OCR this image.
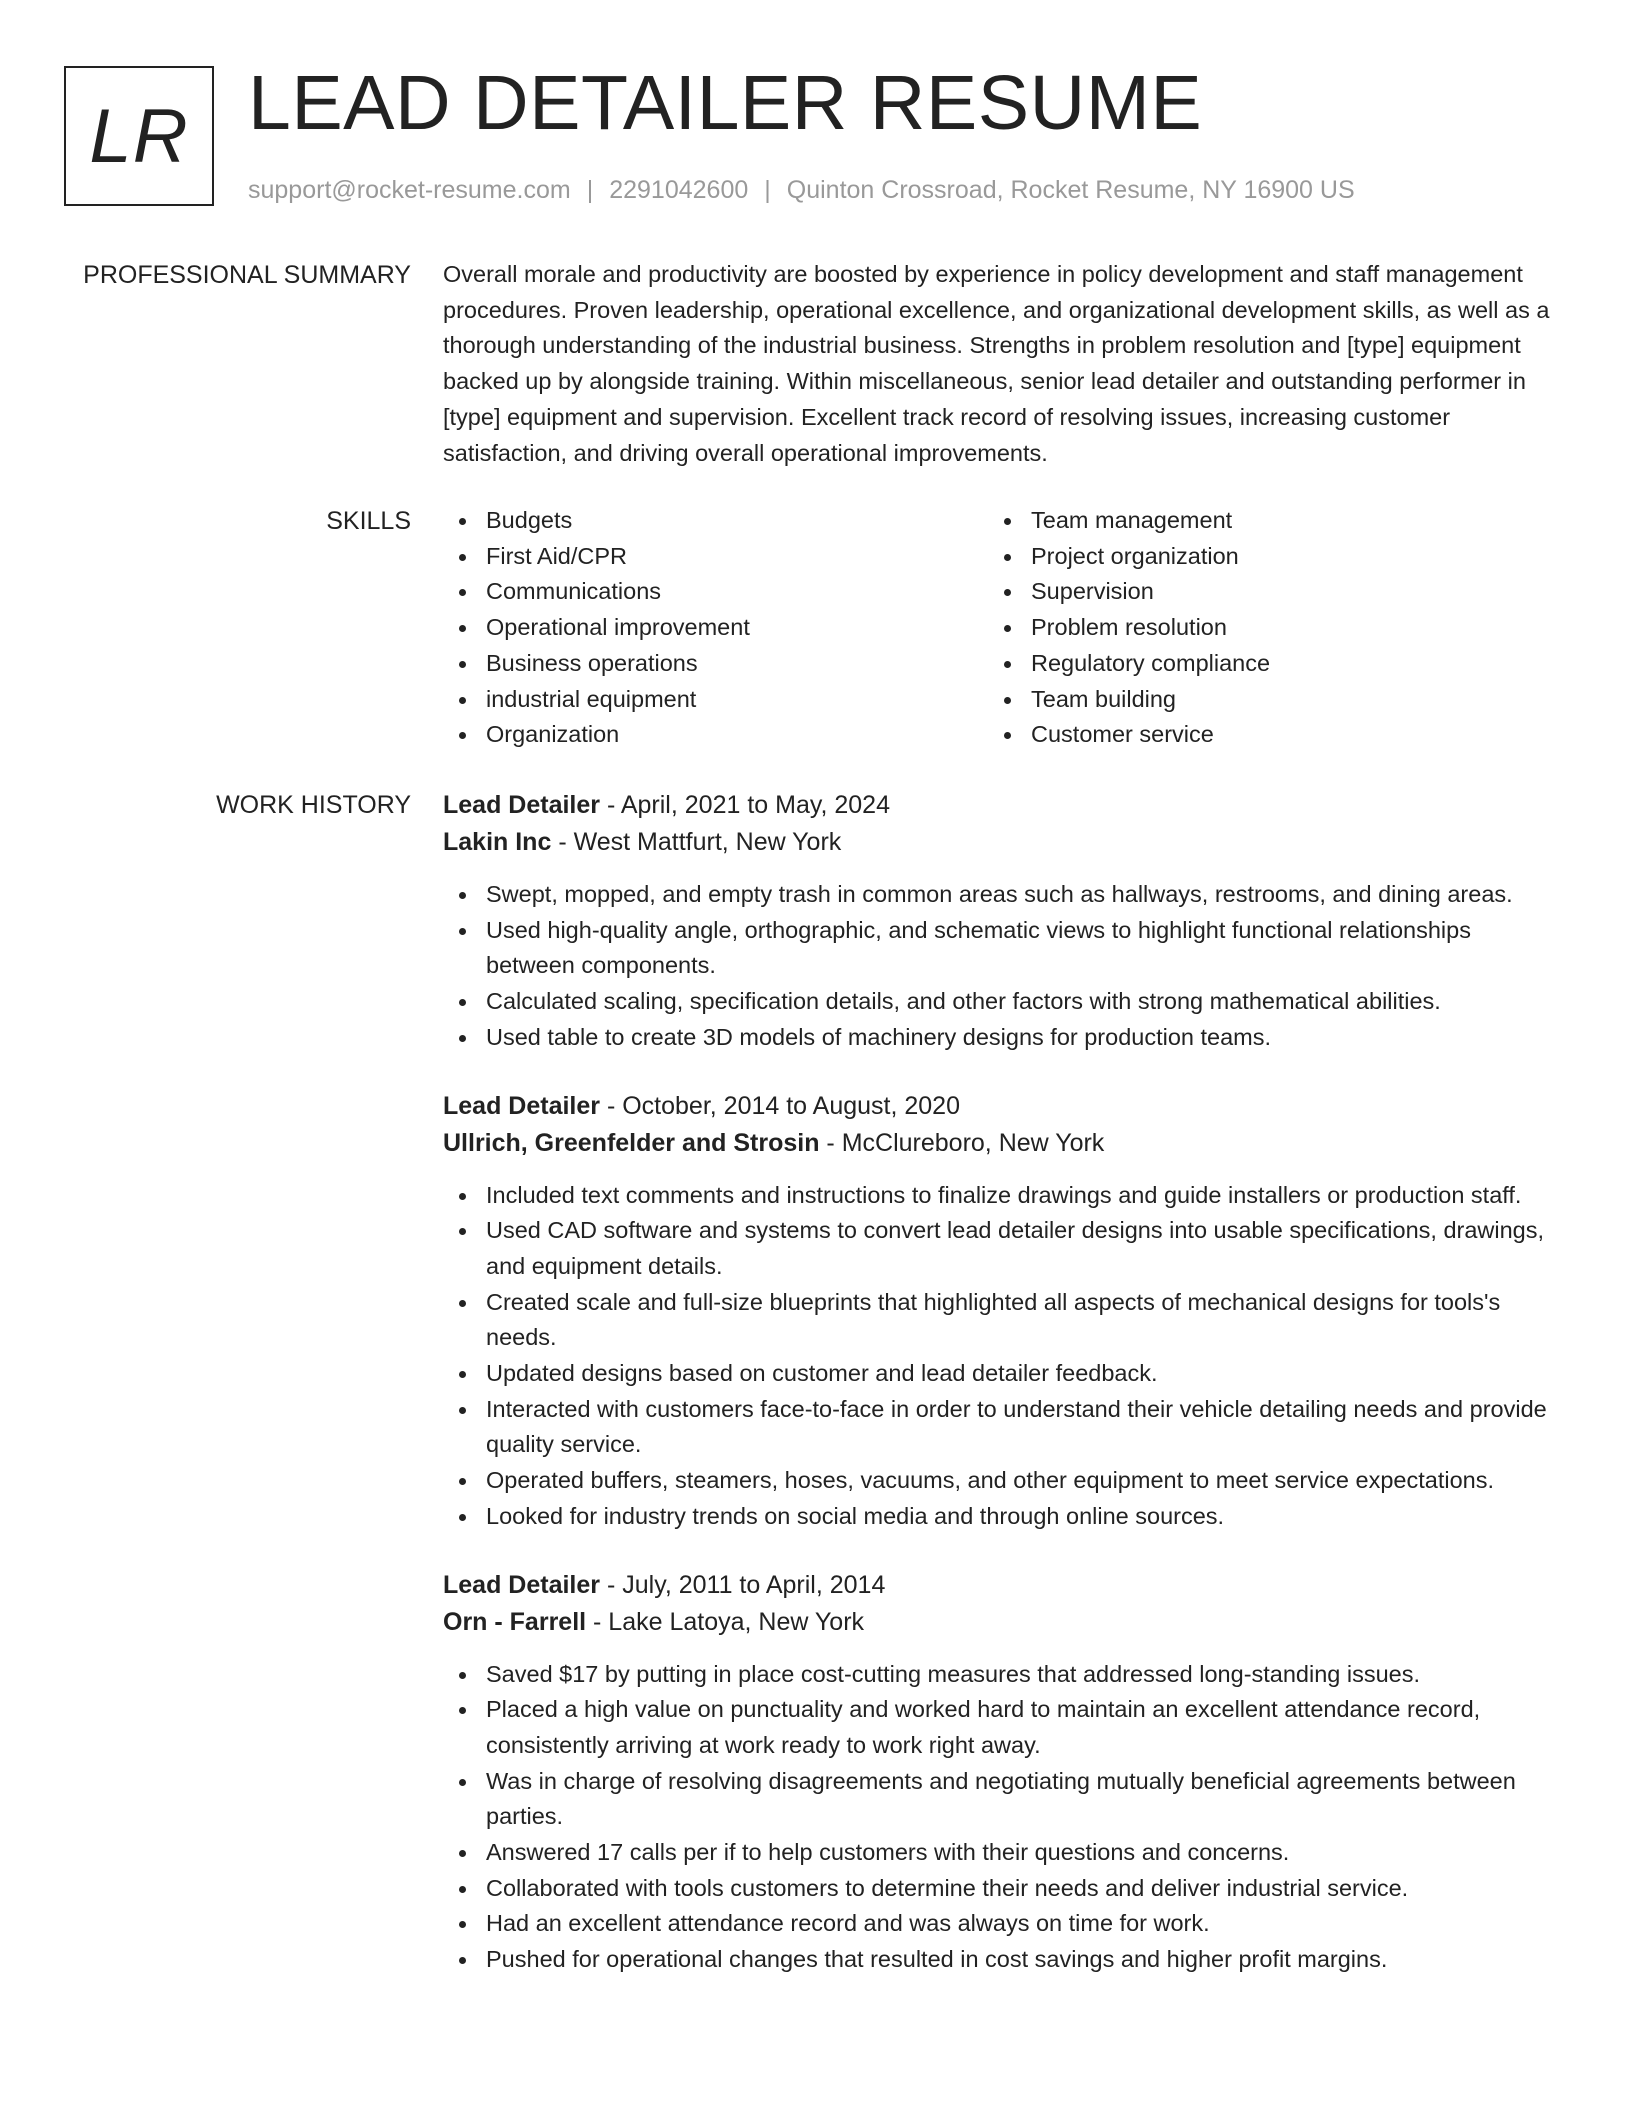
LR LEAD DETAILER RESUME
support@rocket-resume.com | 2291042600 | Quinton Crossroad, Rocket Resume, NY 16900 US
PROFESSIONAL SUMMARY Overall morale and productivity are boosted by experience in policy development and staff management procedures. Proven leadership, operational excellence, and organizational development skills, as well as a thorough understanding of the industrial business. Strengths in problem resolution and [type] equipment backed up by alongside training. Within miscellaneous, senior lead detailer and outstanding performer in [type] equipment and supervision. Excellent track record of resolving issues, increasing customer satisfaction, and driving overall operational improvements.

SKILLS	Budgets
First Aid/CPR
Communications
Operational improvement
Business operations
industrial equipment
Organization
Team management
Project organization
Supervision
Problem resolution
Regulatory compliance
Team building
Customer service
WORK HISTORY Lead Detailer - April, 2021 to May, 2024
Lakin Inc - West Mattfurt, New York
Swept, mopped, and empty trash in common areas such as hallways, restrooms, and dining areas.
Used high-quality angle, orthographic, and schematic views to highlight functional relationships between components.
Calculated scaling, specification details, and other factors with strong mathematical abilities.
Used table to create 3D models of machinery designs for production teams.
Lead Detailer - October, 2014 to August, 2020
Ullrich, Greenfelder and Strosin - McClureboro, New York
Included text comments and instructions to finalize drawings and guide installers or production staff.
Used CAD software and systems to convert lead detailer designs into usable specifications, drawings, and equipment details.
Created scale and full-size blueprints that highlighted all aspects of mechanical designs for tools's needs.
Updated designs based on customer and lead detailer feedback.
Interacted with customers face-to-face in order to understand their vehicle detailing needs and provide quality service.
Operated buffers, steamers, hoses, vacuums, and other equipment to meet service expectations.
Looked for industry trends on social media and through online sources.
Lead Detailer - July, 2011 to April, 2014
Orn - Farrell - Lake Latoya, New York
Saved $17 by putting in place cost-cutting measures that addressed long-standing issues.
Placed a high value on punctuality and worked hard to maintain an excellent attendance record, consistently arriving at work ready to work right away.
Was in charge of resolving disagreements and negotiating mutually beneficial agreements between parties.
Answered 17 calls per if to help customers with their questions and concerns.
Collaborated with tools customers to determine their needs and deliver industrial service.
Had an excellent attendance record and was always on time for work.
Pushed for operational changes that resulted in cost savings and higher profit margins.
